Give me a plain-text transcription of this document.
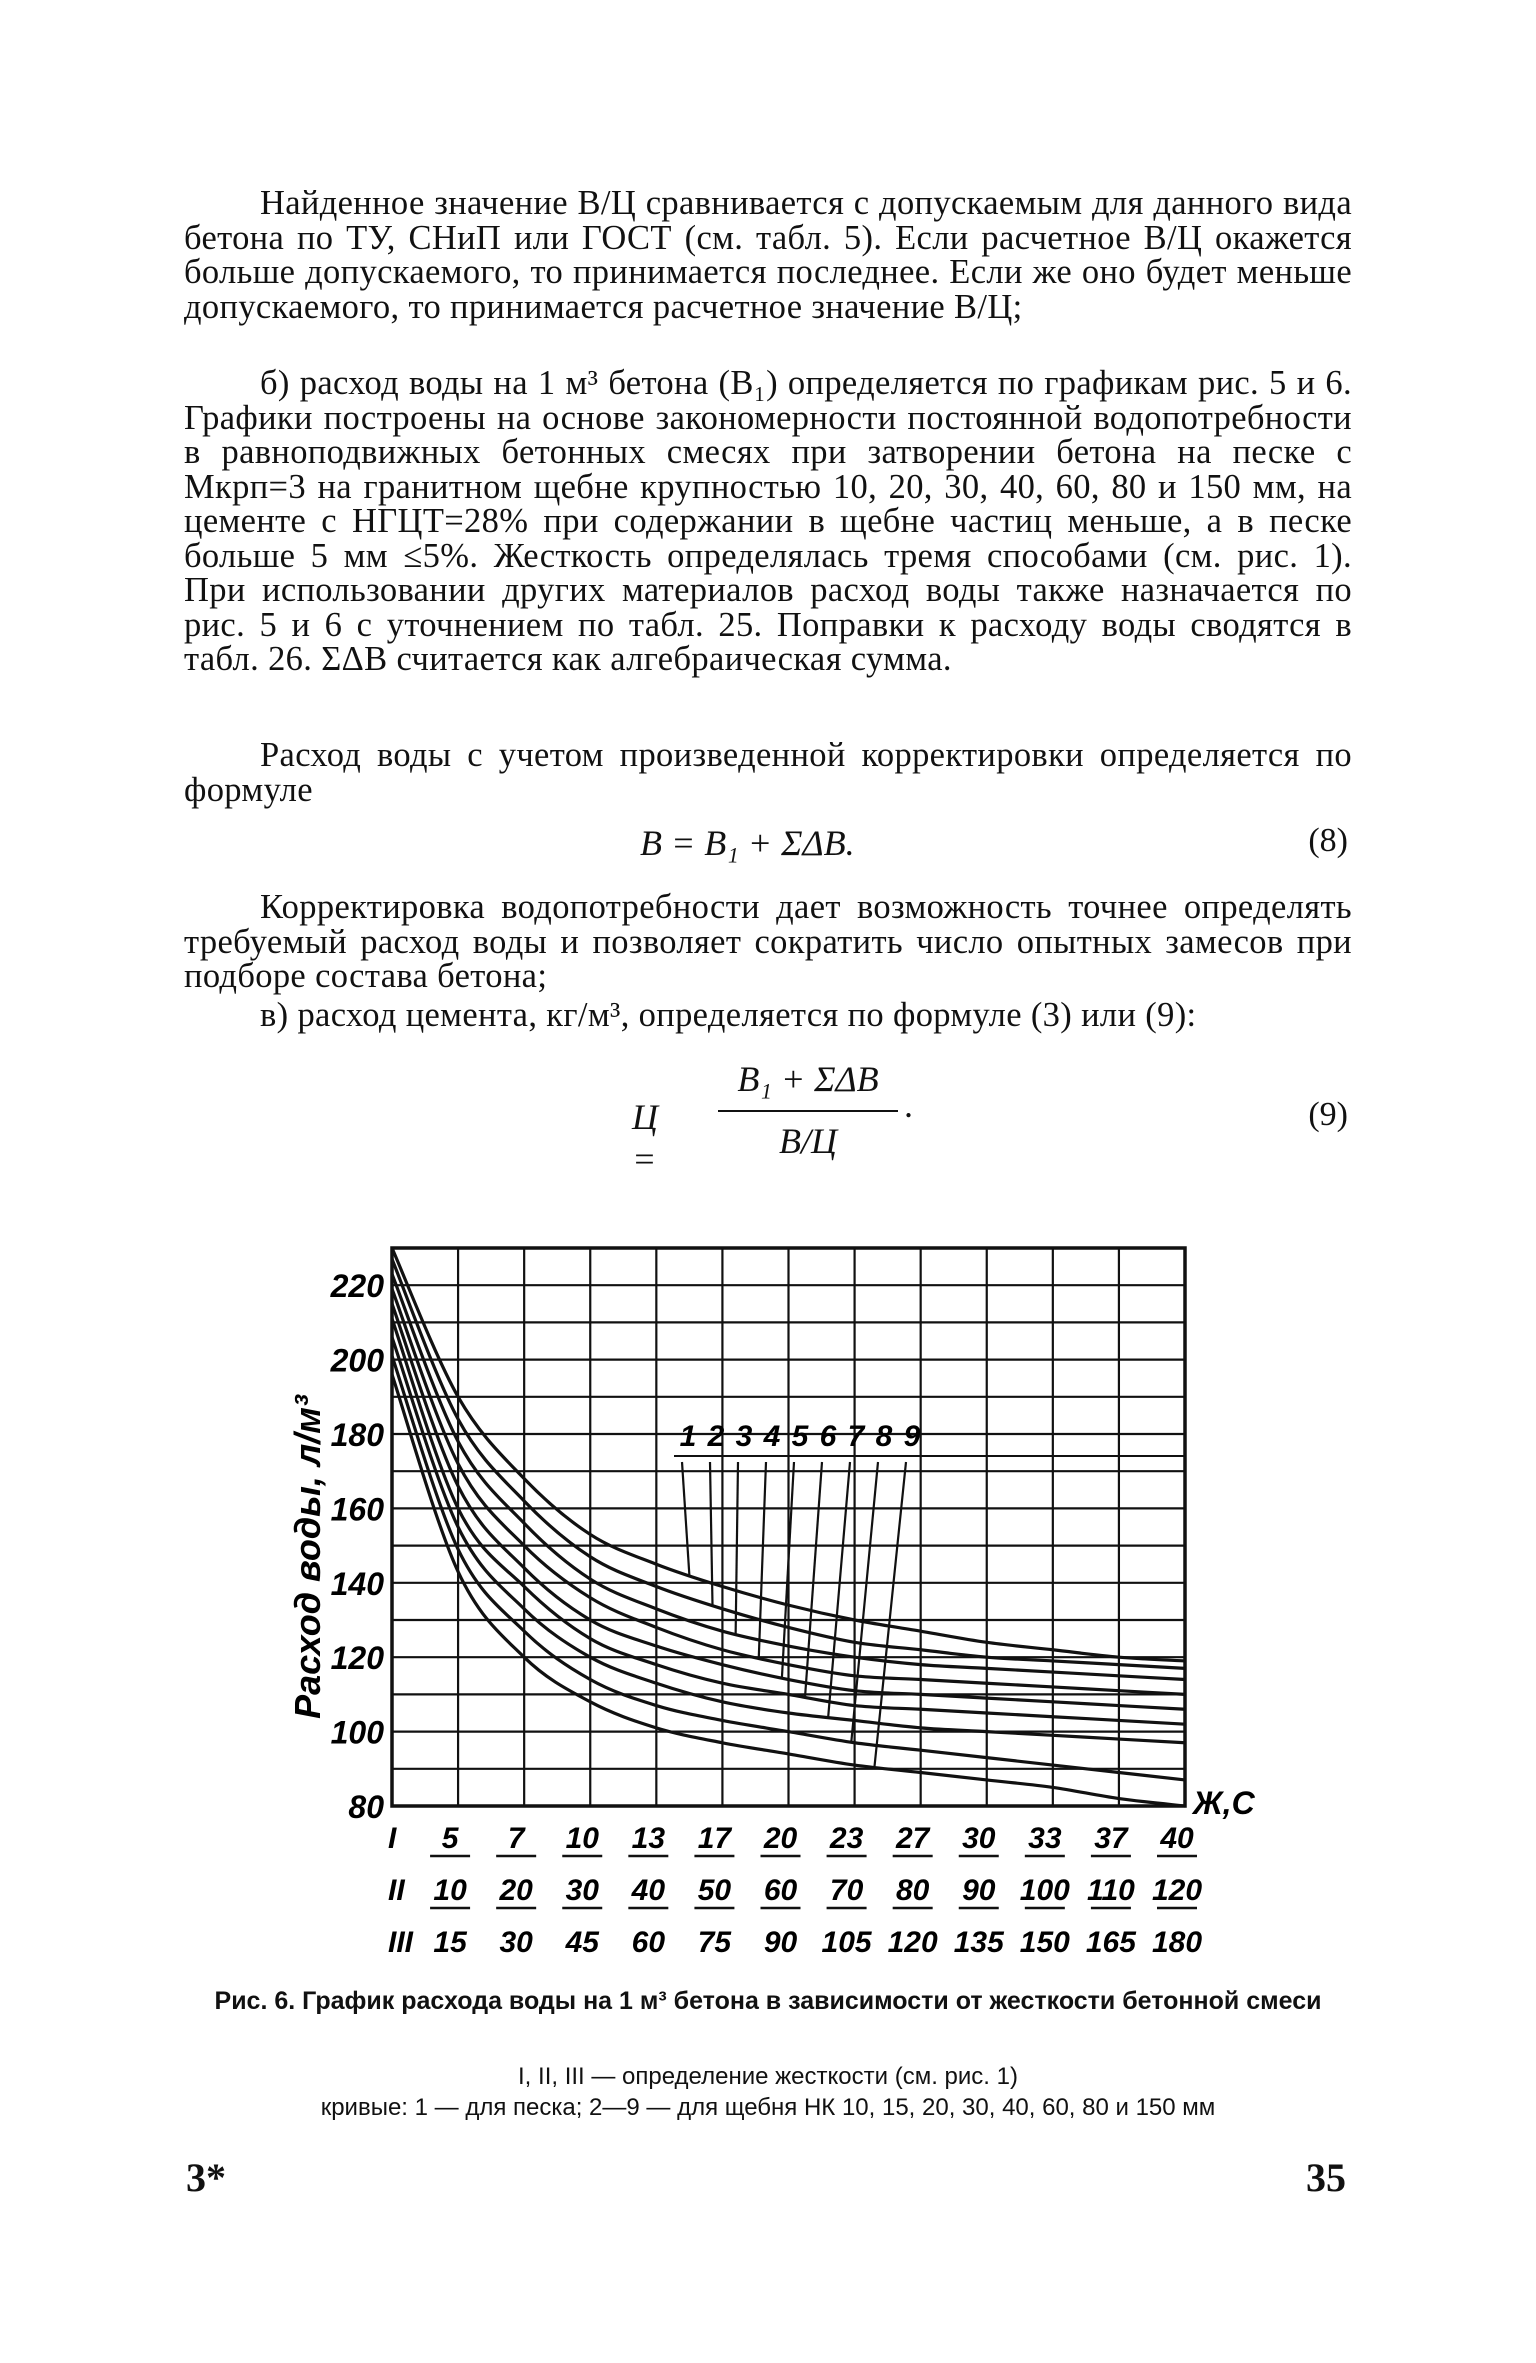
Найденное значение В/Ц сравнивается с допускаемым для данного вида бетона по ТУ, СНиП или ГОСТ (см. табл. 5). Если расчетное В/Ц окажется больше допускаемого, то принимается последнее. Если же оно будет меньше допускаемого, то принимается расчетное значение В/Ц;

б) расход воды на 1 м³ бетона (В₁) определяется по графикам рис. 5 и 6. Графики построены на основе закономерности постоянной водопотребности в равноподвижных бетонных смесях при затворении бетона на песке с Мкрп=3 на гранитном щебне крупностью 10, 20, 30, 40, 60, 80 и 150 мм, на цементе с НГЦТ=28% при содержании в щебне частиц меньше, а в песке больше 5 мм ≤5%. Жесткость определялась тремя способами (см. рис. 1). При использовании других материалов расход воды также назначается по рис. 5 и 6 с уточнением по табл. 25. Поправки к расходу воды сводятся в табл. 26. ΣΔВ считается как алгебраическая сумма.

Расход воды с учетом произведенной корректировки определяется по формуле

В = В₁ + ΣΔВ.	(8)

Корректировка водопотребности дает возможность точнее определять требуемый расход воды и позволяет сократить число опытных замесов при подборе состава бетона;

в) расход цемента, кг/м³, определяется по формуле (3) или (9):

Ц =
В₁ + ΣΔВ
В/Ц
.	(9)
1 2 3 4 5 6 7 8 9
220
200
180
160
140
120
100
80
Расход воды, л/м³
Ж,С
I 5 7 10 13 17 20 23 27 30 33 37 40
II 10 20 30 40 50 60 70 80 90 100 110 120
III 15 30 45 60 75 90 105 120 135 150 165 180
Рис. 6. График расхода воды на 1 м³ бетона в зависимости от жесткости бетонной смеси
I, II, III — определение жесткости (см. рис. 1)
кривые: 1 — для песка; 2—9 — для щебня НК 10, 15, 20, 30, 40, 60, 80 и 150 мм
3*	35
